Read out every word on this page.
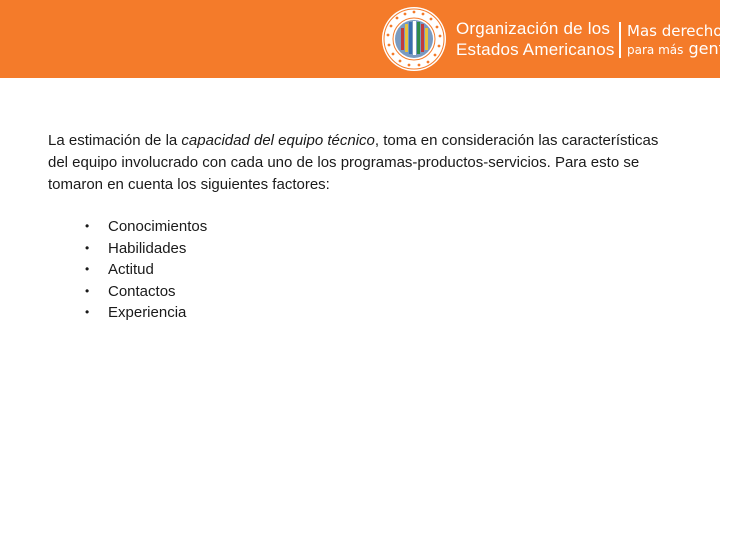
Organización de los
Estados Americanos
Mas derechos
para más gente

La estimación de la capacidad del equipo técnico, toma en consideración las características del equipo involucrado con cada uno de los programas-productos-servicios. Para esto se tomaron en cuenta los siguientes factores:

• Conocimientos
• Habilidades
• Actitud
• Contactos
• Experiencia
